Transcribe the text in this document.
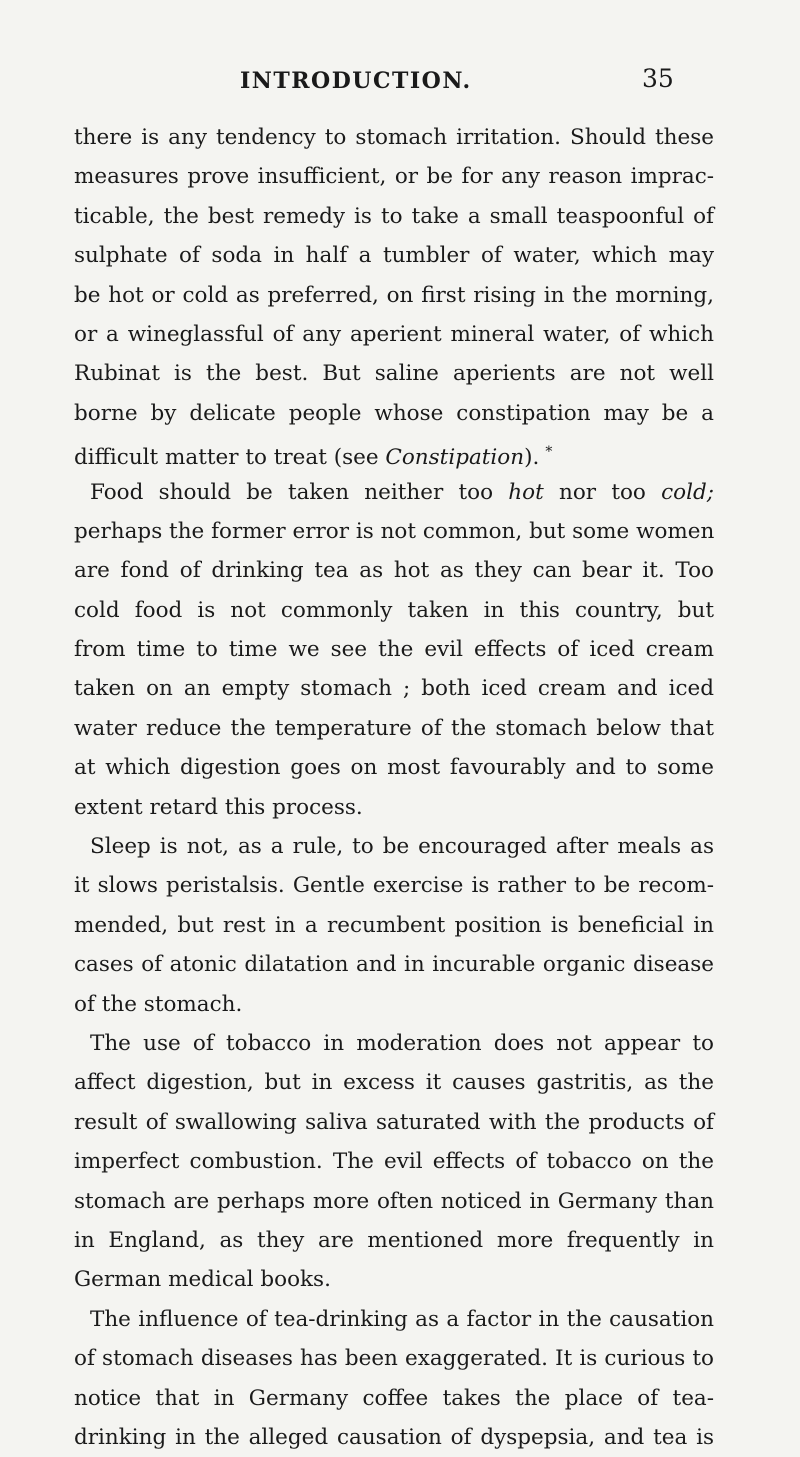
INTRODUCTION.	35
there is any tendency to stomach irritation. Should these
measures prove insufficient, or be for any reason imprac-
ticable, the best remedy is to take a small teaspoonful of
sulphate of soda in half a tumbler of water, which may
be hot or cold as preferred, on first rising in the morning,
or a wineglassful of any aperient mineral water, of which
Rubinat is the best. But saline aperients are not well
borne by delicate people whose constipation may be a
difficult matter to treat (see Constipation). *
Food should be taken neither too hot nor too cold;
perhaps the former error is not common, but some women
are fond of drinking tea as hot as they can bear it. Too
cold food is not commonly taken in this country, but
from time to time we see the evil effects of iced cream
taken on an empty stomach ; both iced cream and iced
water reduce the temperature of the stomach below that
at which digestion goes on most favourably and to some
extent retard this process.
Sleep is not, as a rule, to be encouraged after meals as
it slows peristalsis. Gentle exercise is rather to be recom-
mended, but rest in a recumbent position is beneficial in
cases of atonic dilatation and in incurable organic disease
of the stomach.
The use of tobacco in moderation does not appear to
affect digestion, but in excess it causes gastritis, as the
result of swallowing saliva saturated with the products of
imperfect combustion. The evil effects of tobacco on the
stomach are perhaps more often noticed in Germany than
in England, as they are mentioned more frequently in
German medical books.
The influence of tea-drinking as a factor in the causation
of stomach diseases has been exaggerated. It is curious to
notice that in Germany coffee takes the place of tea-
drinking in the alleged causation of dyspepsia, and tea is
